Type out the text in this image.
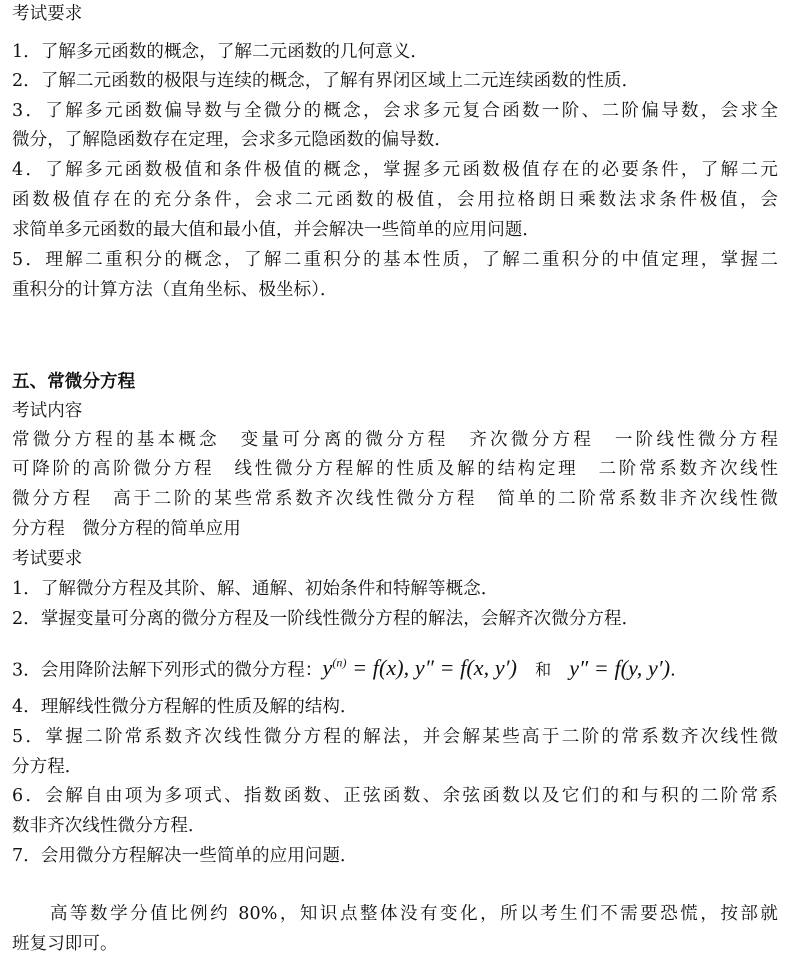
考试要求
1．了解多元函数的概念，了解二元函数的几何意义．
2．了解二元函数的极限与连续的概念，了解有界闭区域上二元连续函数的性质．
3．了解多元函数偏导数与全微分的概念，会求多元复合函数一阶、二阶偏导数，会求全
微分，了解隐函数存在定理，会求多元隐函数的偏导数．
4．了解多元函数极值和条件极值的概念，掌握多元函数极值存在的必要条件，了解二元
函数极值存在的充分条件，会求二元函数的极值，会用拉格朗日乘数法求条件极值，会
求简单多元函数的最大值和最小值，并会解决一些简单的应用问题．
5．理解二重积分的概念，了解二重积分的基本性质，了解二重积分的中值定理，掌握二
重积分的计算方法（直角坐标、极坐标）．
五、常微分方程
考试内容
常微分方程的基本概念　变量可分离的微分方程　齐次微分方程　一阶线性微分方程
可降阶的高阶微分方程　线性微分方程解的性质及解的结构定理　二阶常系数齐次线性
微分方程　高于二阶的某些常系数齐次线性微分方程　简单的二阶常系数非齐次线性微
分方程　微分方程的简单应用
考试要求
1．了解微分方程及其阶、解、通解、初始条件和特解等概念．
2．掌握变量可分离的微分方程及一阶线性微分方程的解法，会解齐次微分方程．
3．会用降阶法解下列形式的微分方程：$y^{(n)} = f(x)$, y″ = f(x, y′) 和 y″ = f(y, y′).
4．理解线性微分方程解的性质及解的结构．
5．掌握二阶常系数齐次线性微分方程的解法，并会解某些高于二阶的常系数齐次线性微
分方程．
6．会解自由项为多项式、指数函数、正弦函数、余弦函数以及它们的和与积的二阶常系
数非齐次线性微分方程．
7．会用微分方程解决一些简单的应用问题．
高等数学分值比例约 80%，知识点整体没有变化，所以考生们不需要恐慌，按部就
班复习即可。
